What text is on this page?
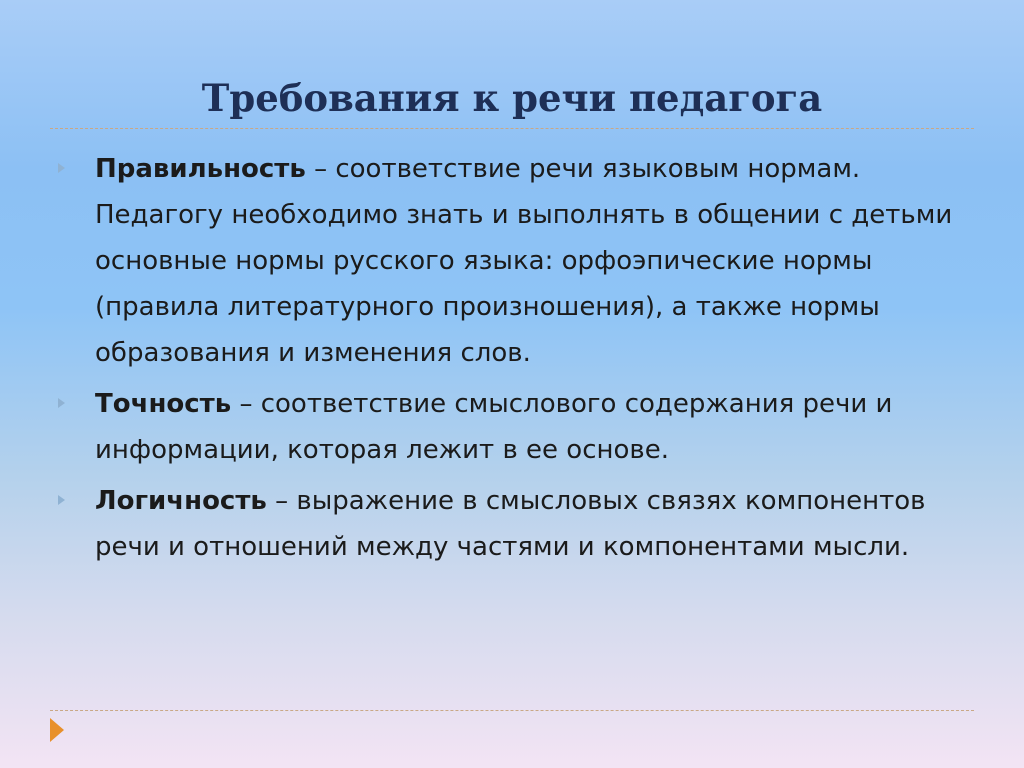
Требования к речи педагога

Правильность – соответствие речи языковым нормам. Педагогу необходимо знать и выполнять в общении с детьми основные нормы русского языка: орфоэпические нормы (правила литературного произношения), а также нормы образования и изменения слов.

Точность – соответствие смыслового содержания речи и информации, которая лежит в ее основе.

Логичность – выражение в смысловых связях компонентов речи и отношений между частями и компонентами мысли.
